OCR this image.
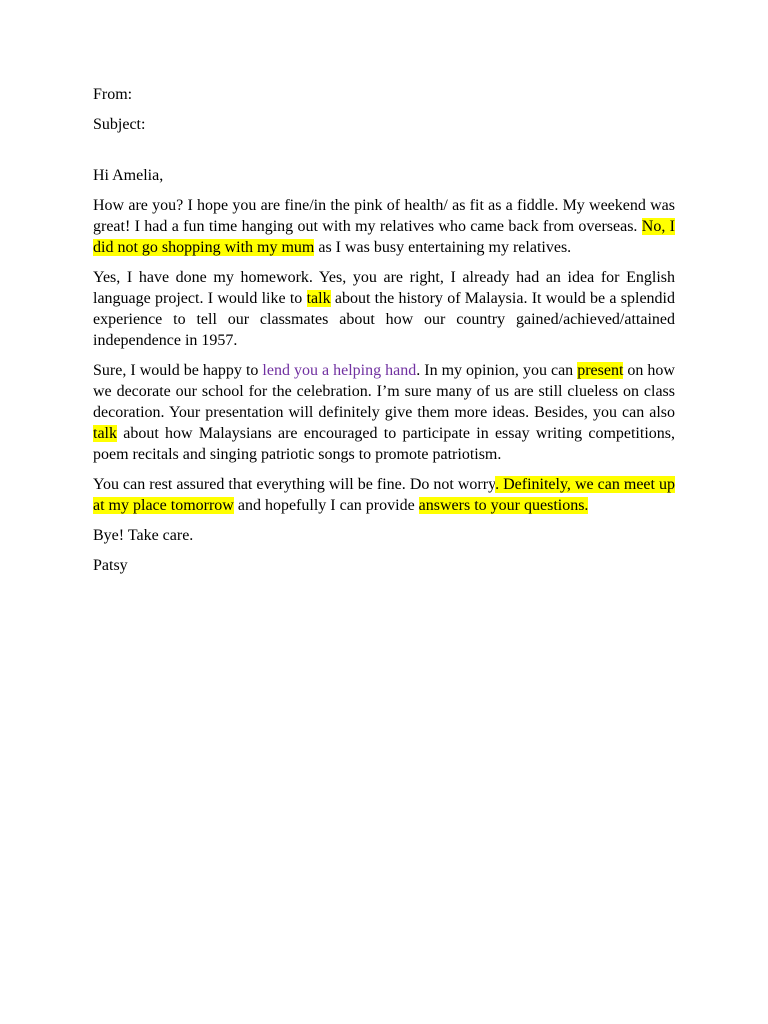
From:

Subject:

Hi Amelia,

How are you? I hope you are fine/in the pink of health/ as fit as a fiddle. My weekend was great! I had a fun time hanging out with my relatives who came back from overseas. No, I did not go shopping with my mum as I was busy entertaining my relatives.

Yes, I have done my homework. Yes, you are right, I already had an idea for English language project. I would like to talk about the history of Malaysia. It would be a splendid experience to tell our classmates about how our country gained/achieved/attained independence in 1957.

Sure, I would be happy to lend you a helping hand. In my opinion, you can present on how we decorate our school for the celebration. I’m sure many of us are still clueless on class decoration. Your presentation will definitely give them more ideas. Besides, you can also talk about how Malaysians are encouraged to participate in essay writing competitions, poem recitals and singing patriotic songs to promote patriotism.

You can rest assured that everything will be fine. Do not worry. Definitely, we can meet up at my place tomorrow and hopefully I can provide answers to your questions.

Bye! Take care.

Patsy
